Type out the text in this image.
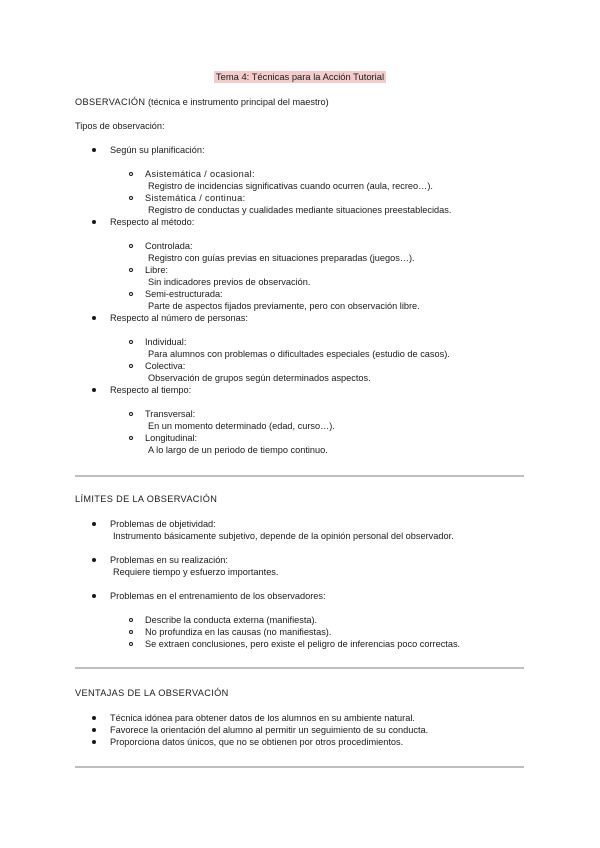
Tema 4: Técnicas para la Acción Tutorial
OBSERVACIÓN (técnica e instrumento principal del maestro)
Tipos de observación:
Según su planificación:
Asistemática / ocasional:
Registro de incidencias significativas cuando ocurren (aula, recreo…).
Sistemática / continua:
Registro de conductas y cualidades mediante situaciones preestablecidas.
Respecto al método:
Controlada:
Registro con guías previas en situaciones preparadas (juegos…).
Libre:
Sin indicadores previos de observación.
Semi-estructurada:
Parte de aspectos fijados previamente, pero con observación libre.
Respecto al número de personas:
Individual:
Para alumnos con problemas o dificultades especiales (estudio de casos).
Colectiva:
Observación de grupos según determinados aspectos.
Respecto al tiempo:
Transversal:
En un momento determinado (edad, curso…).
Longitudinal:
A lo largo de un periodo de tiempo continuo.
LÍMITES DE LA OBSERVACIÓN
Problemas de objetividad:
Instrumento básicamente subjetivo, depende de la opinión personal del observador.
Problemas en su realización:
Requiere tiempo y esfuerzo importantes.
Problemas en el entrenamiento de los observadores:
Describe la conducta externa (manifiesta).
No profundiza en las causas (no manifiestas).
Se extraen conclusiones, pero existe el peligro de inferencias poco correctas.
VENTAJAS DE LA OBSERVACIÓN
Técnica idónea para obtener datos de los alumnos en su ambiente natural.
Favorece la orientación del alumno al permitir un seguimiento de su conducta.
Proporciona datos únicos, que no se obtienen por otros procedimientos.
